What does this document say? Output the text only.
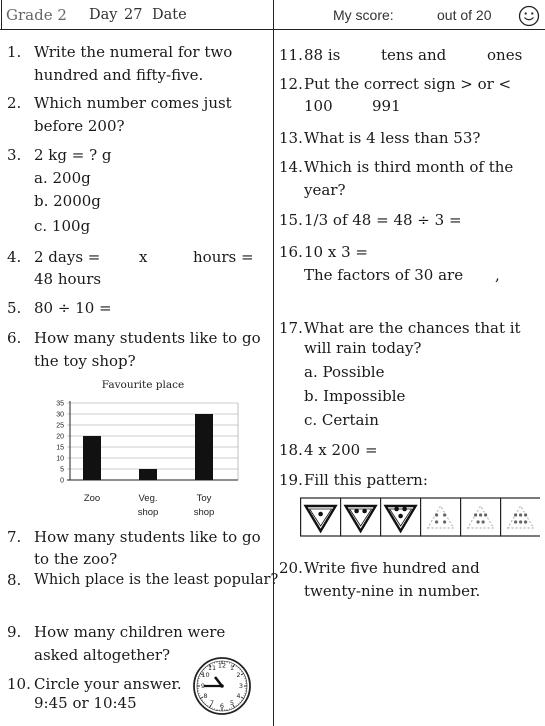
Grade 2 Day 27 Date	My score:	out of 20
1. Write the numeral for two
hundred and fifty-five.
2. Which number comes just
before 200?
3. 2 kg = ? g
a. 200g
b. 2000g
c. 100g
4. 2 days =	x	hours =
48 hours
5. 80 ÷ 10 =
6. How many students like to go
the toy shop?
Favourite place
0
5
10
15
20
25
30
35
Zoo	Veg.
shop
Toy
shop
7. How many students like to go
to the zoo?
8. Which place is the least popular?
9. How many children were
asked altogether?
10. Circle your answer.
9:45 or 10:45
12 1
2
3
4
5
6
7
8
9
10
11
11. 88 is	tens and	ones
12. Put the correct sign > or <
100	991
13. What is 4 less than 53?
14. Which is third month of the
year?
15. 1/3 of 48 = 48 ÷ 3 =
16. 10 x 3 =
The factors of 30 are ,
17. What are the chances that it
will rain today?
a. Possible
b. Impossible
c. Certain
18. 4 x 200 =
19. Fill this pattern:
20. Write five hundred and
twenty-nine in number.
